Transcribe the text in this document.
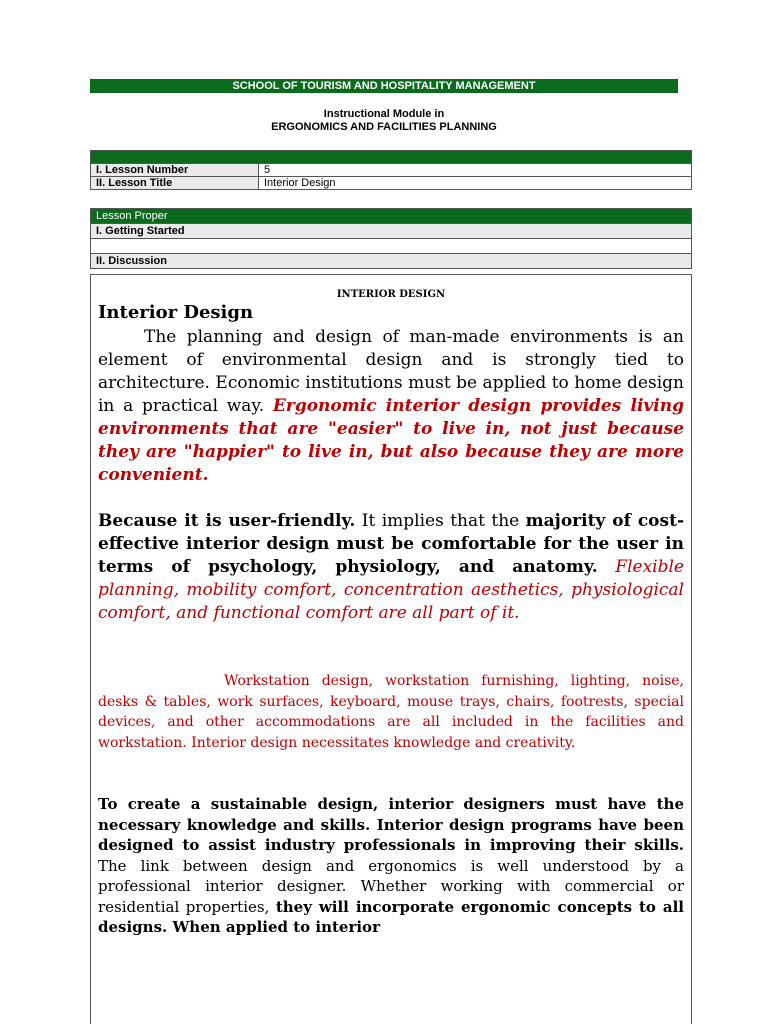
SCHOOL OF TOURISM AND HOSPITALITY MANAGEMENT
Instructional Module in
ERGONOMICS AND FACILITIES PLANNING

I. Lesson Number	5
II. Lesson Title	Interior Design
Lesson Proper
I. Getting Started

II. Discussion
INTERIOR DESIGN
Interior Design
The planning and design of man-made environments is an element of environmental design and is strongly tied to architecture. Economic institutions must be applied to home design in a practical way. Ergonomic interior design provides living environments that are "easier" to live in, not just because they are "happier" to live in, but also because they are more convenient.
Because it is user-friendly. It implies that the majority of cost-effective interior design must be comfortable for the user in terms of psychology, physiology, and anatomy. Flexible planning, mobility comfort, concentration aesthetics, physiological comfort, and functional comfort are all part of it.
Workstation design, workstation furnishing, lighting, noise, desks & tables, work surfaces, keyboard, mouse trays, chairs, footrests, special devices, and other accommodations are all included in the facilities and workstation. Interior design necessitates knowledge and creativity.
To create a sustainable design, interior designers must have the necessary knowledge and skills. Interior design programs have been designed to assist industry professionals in improving their skills. The link between design and ergonomics is well understood by a professional interior designer. Whether working with commercial or residential properties, they will incorporate ergonomic concepts to all designs. When applied to interior
